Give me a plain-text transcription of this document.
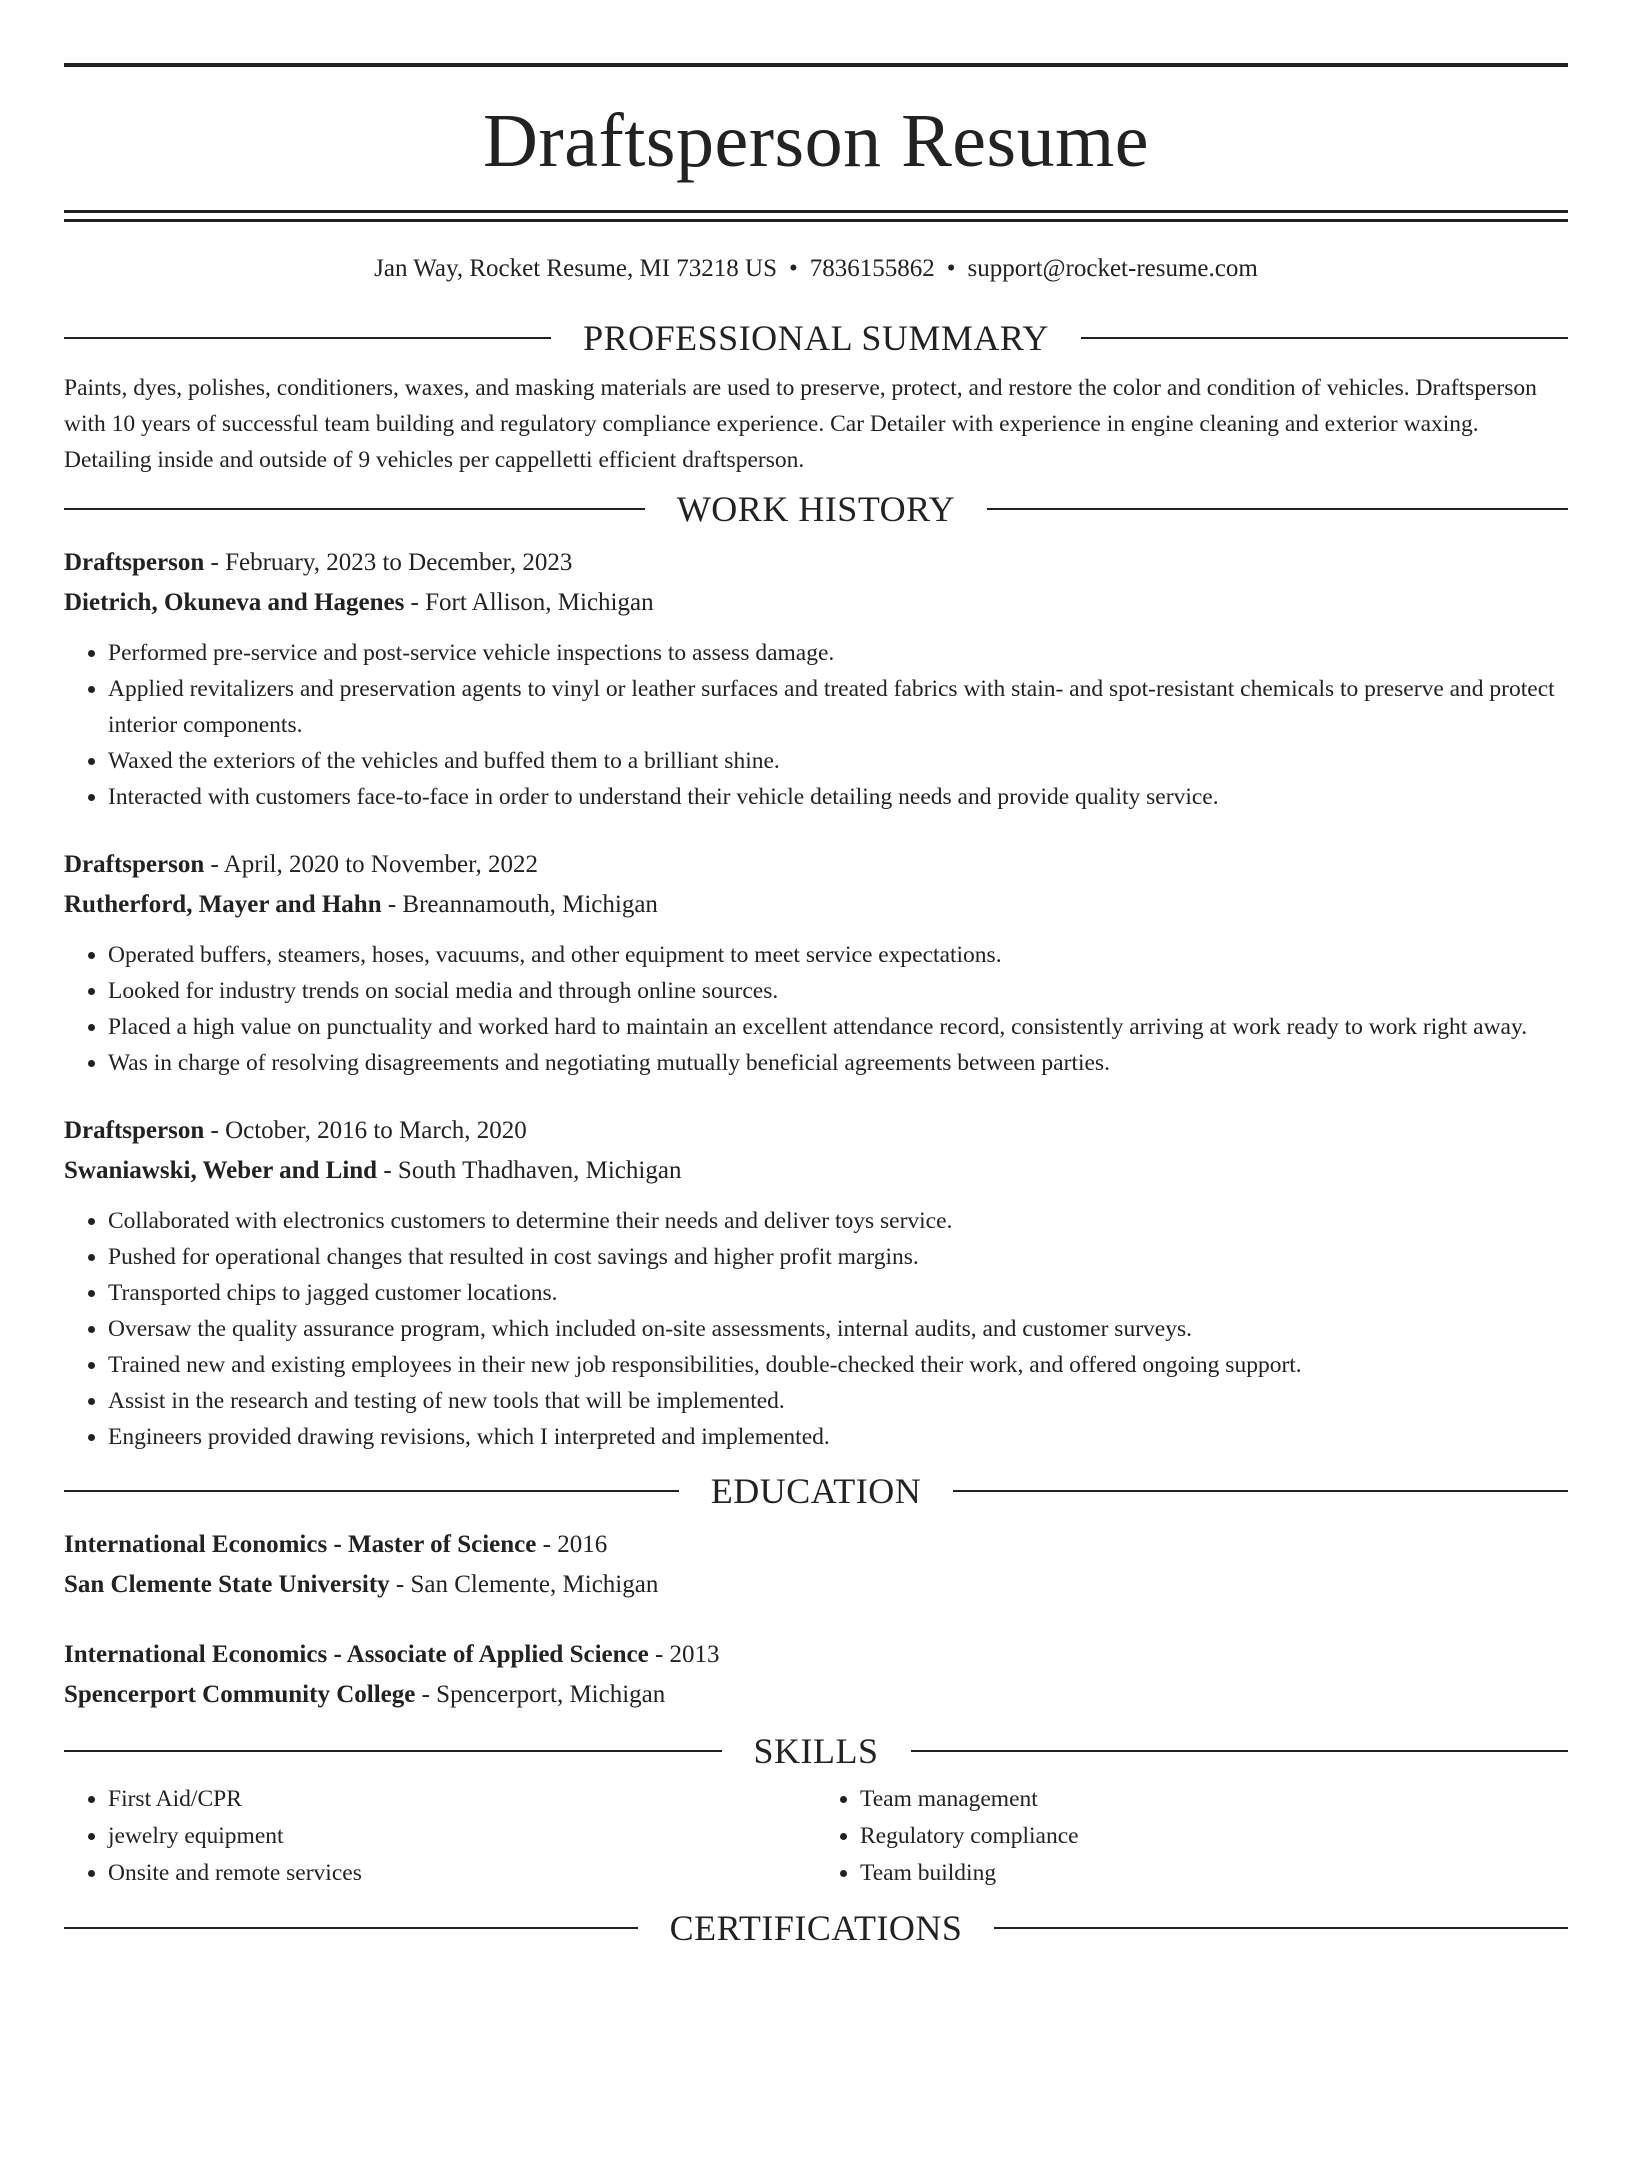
Draftsperson Resume
Jan Way, Rocket Resume, MI 73218 US • 7836155862 • support@rocket-resume.com
PROFESSIONAL SUMMARY

Paints, dyes, polishes, conditioners, waxes, and masking materials are used to preserve, protect, and restore the color and condition of vehicles. Draftsperson with 10 years of successful team building and regulatory compliance experience. Car Detailer with experience in engine cleaning and exterior waxing. Detailing inside and outside of 9 vehicles per cappelletti efficient draftsperson.

WORK HISTORY
Draftsperson - February, 2023 to December, 2023
Dietrich, Okuneva and Hagenes - Fort Allison, Michigan
• Performed pre-service and post-service vehicle inspections to assess damage.
• Applied revitalizers and preservation agents to vinyl or leather surfaces and treated fabrics with stain- and spot-resistant chemicals to preserve and protect interior components.
• Waxed the exteriors of the vehicles and buffed them to a brilliant shine.
• Interacted with customers face-to-face in order to understand their vehicle detailing needs and provide quality service.
Draftsperson - April, 2020 to November, 2022
Rutherford, Mayer and Hahn - Breannamouth, Michigan
• Operated buffers, steamers, hoses, vacuums, and other equipment to meet service expectations.
• Looked for industry trends on social media and through online sources.
• Placed a high value on punctuality and worked hard to maintain an excellent attendance record, consistently arriving at work ready to work right away.
• Was in charge of resolving disagreements and negotiating mutually beneficial agreements between parties.
Draftsperson - October, 2016 to March, 2020
Swaniawski, Weber and Lind - South Thadhaven, Michigan
• Collaborated with electronics customers to determine their needs and deliver toys service.
• Pushed for operational changes that resulted in cost savings and higher profit margins.
• Transported chips to jagged customer locations.
• Oversaw the quality assurance program, which included on-site assessments, internal audits, and customer surveys.
• Trained new and existing employees in their new job responsibilities, double-checked their work, and offered ongoing support.
• Assist in the research and testing of new tools that will be implemented.
• Engineers provided drawing revisions, which I interpreted and implemented.
EDUCATION
International Economics - Master of Science - 2016
San Clemente State University - San Clemente, Michigan
International Economics - Associate of Applied Science - 2013
Spencerport Community College - Spencerport, Michigan
SKILLS
• First Aid/CPR
• jewelry equipment
• Onsite and remote services
• Team management
• Regulatory compliance
• Team building
CERTIFICATIONS
